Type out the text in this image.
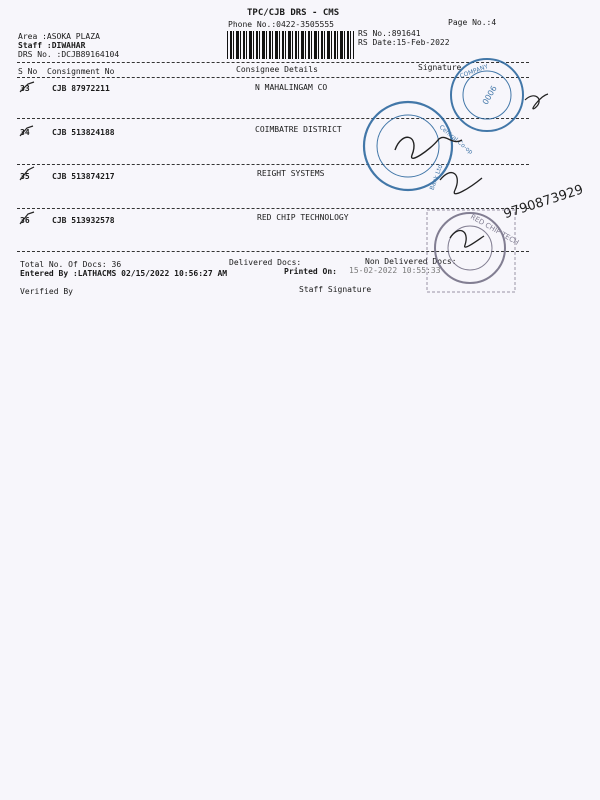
TPC/CJB DRS - CMS
Phone No.:0422-3505555	Page No.:4
Area :ASOKA PLAZA
Staff :DIWAHAR
DRS No. :DCJB89164104
RS No.:891641
RS Date:15-Feb-2022
S No Consignment No	Consignee Details	Signature
33	CJB 87972211	N MAHALINGAM CO
34	CJB 513824188	COIMBATRE DISTRICT
35	CJB 513874217	REIGHT SYSTEMS
36	CJB 513932578	RED CHIP TECHNOLOGY
Total No. Of Docs: 36	Delivered Docs:	Non Delivered Docs:
Entered By :LATHACMS 02/15/2022 10:56:27 AM	Printed On: 15-02-2022 10:55:33
Verified By	Staff Signature
0006
COMPANY
Bank Ltd
Central Co-op
9790873929
RED CHIP TECH
